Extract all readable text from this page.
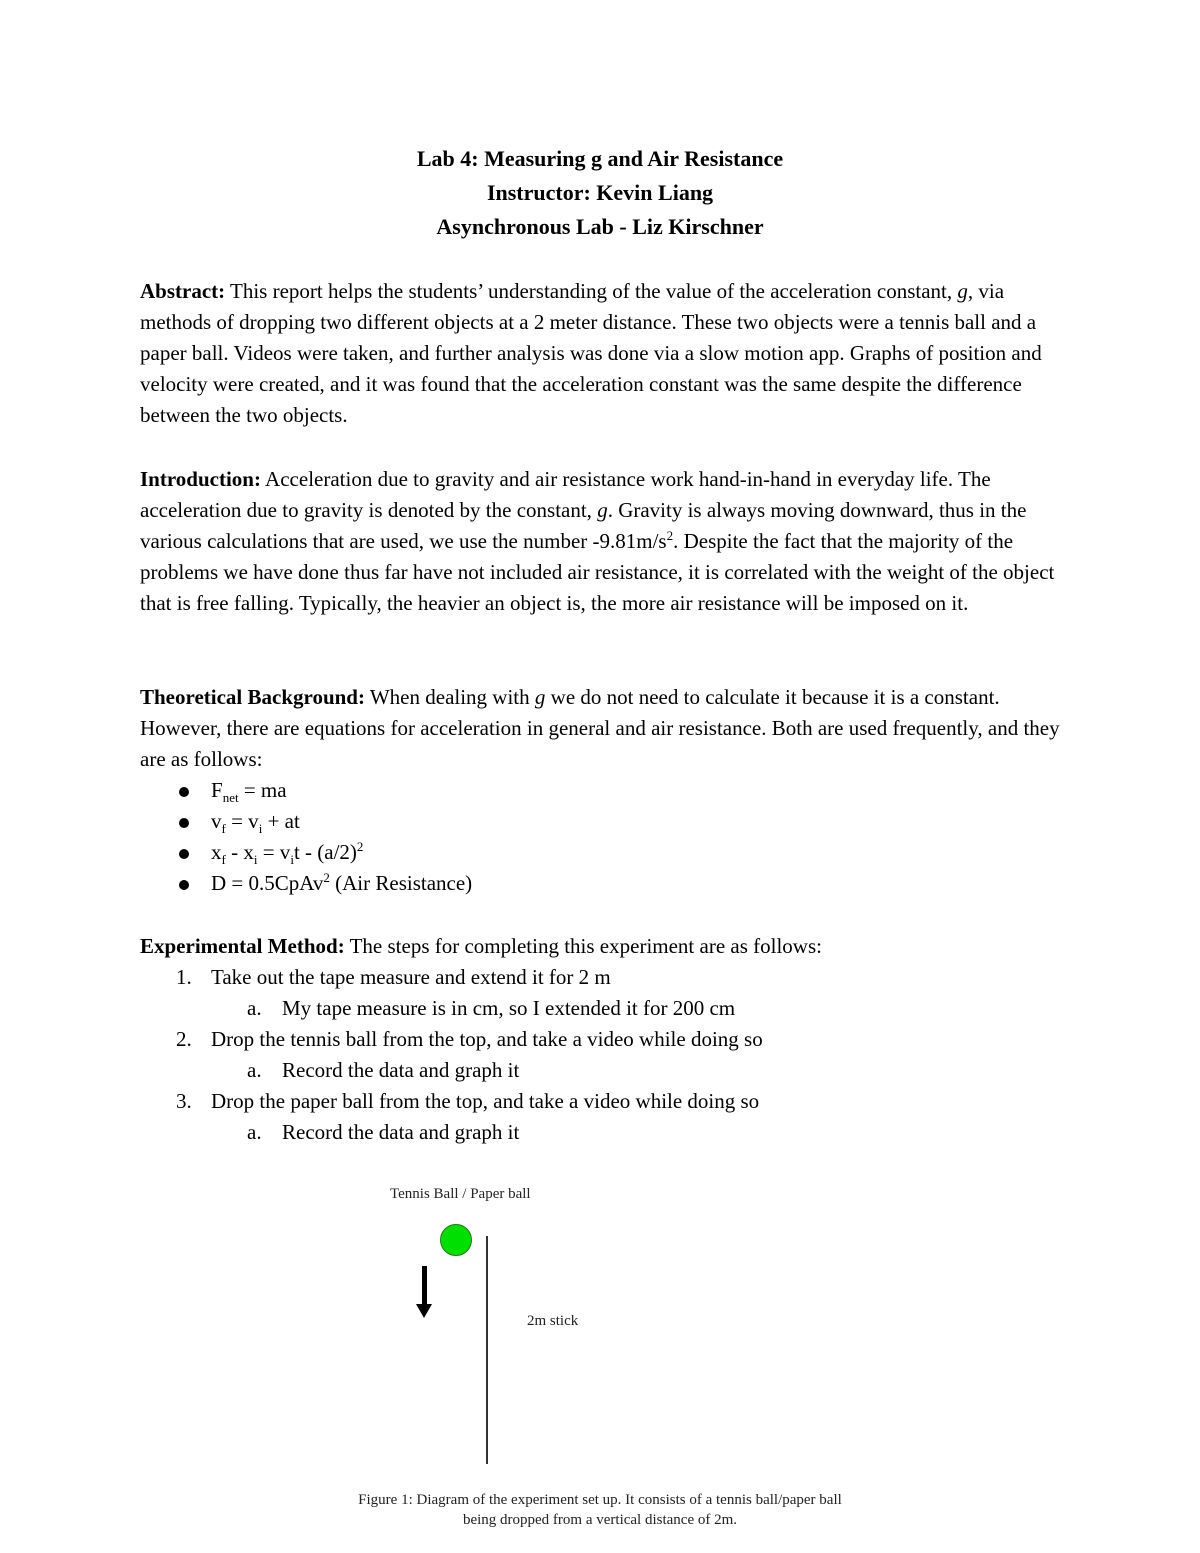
Lab 4: Measuring g and Air Resistance
Instructor: Kevin Liang
Asynchronous Lab - Liz Kirschner

Abstract: This report helps the students’ understanding of the value of the acceleration constant, g, via methods of dropping two different objects at a 2 meter distance. These two objects were a tennis ball and a paper ball. Videos were taken, and further analysis was done via a slow motion app. Graphs of position and velocity were created, and it was found that the acceleration constant was the same despite the difference between the two objects.

Introduction: Acceleration due to gravity and air resistance work hand-in-hand in everyday life. The acceleration due to gravity is denoted by the constant, g. Gravity is always moving downward, thus in the various calculations that are used, we use the number $-9.81m/s^2$. Despite the fact that the majority of the problems we have done thus far have not included air resistance, it is correlated with the weight of the object that is free falling. Typically, the heavier an object is, the more air resistance will be imposed on it.

Theoretical Background: When dealing with g we do not need to calculate it because it is a constant. However, there are equations for acceleration in general and air resistance. Both are used frequently, and they are as follows:

$F_{net}$ = ma
$v_f = v_i$ + at
$x_f - x_i = v_it - (a/2)^2$
D = 0.5CpAv$^2$ (Air Resistance)

Experimental Method: The steps for completing this experiment are as follows:

1. Take out the tape measure and extend it for 2 m
a. My tape measure is in cm, so I extended it for 200 cm
2. Drop the tennis ball from the top, and take a video while doing so
a. Record the data and graph it
3. Drop the paper ball from the top, and take a video while doing so
a. Record the data and graph it
Tennis Ball / Paper ball
2m stick
Figure 1: Diagram of the experiment set up. It consists of a tennis ball/paper ball
being dropped from a vertical distance of 2m.
